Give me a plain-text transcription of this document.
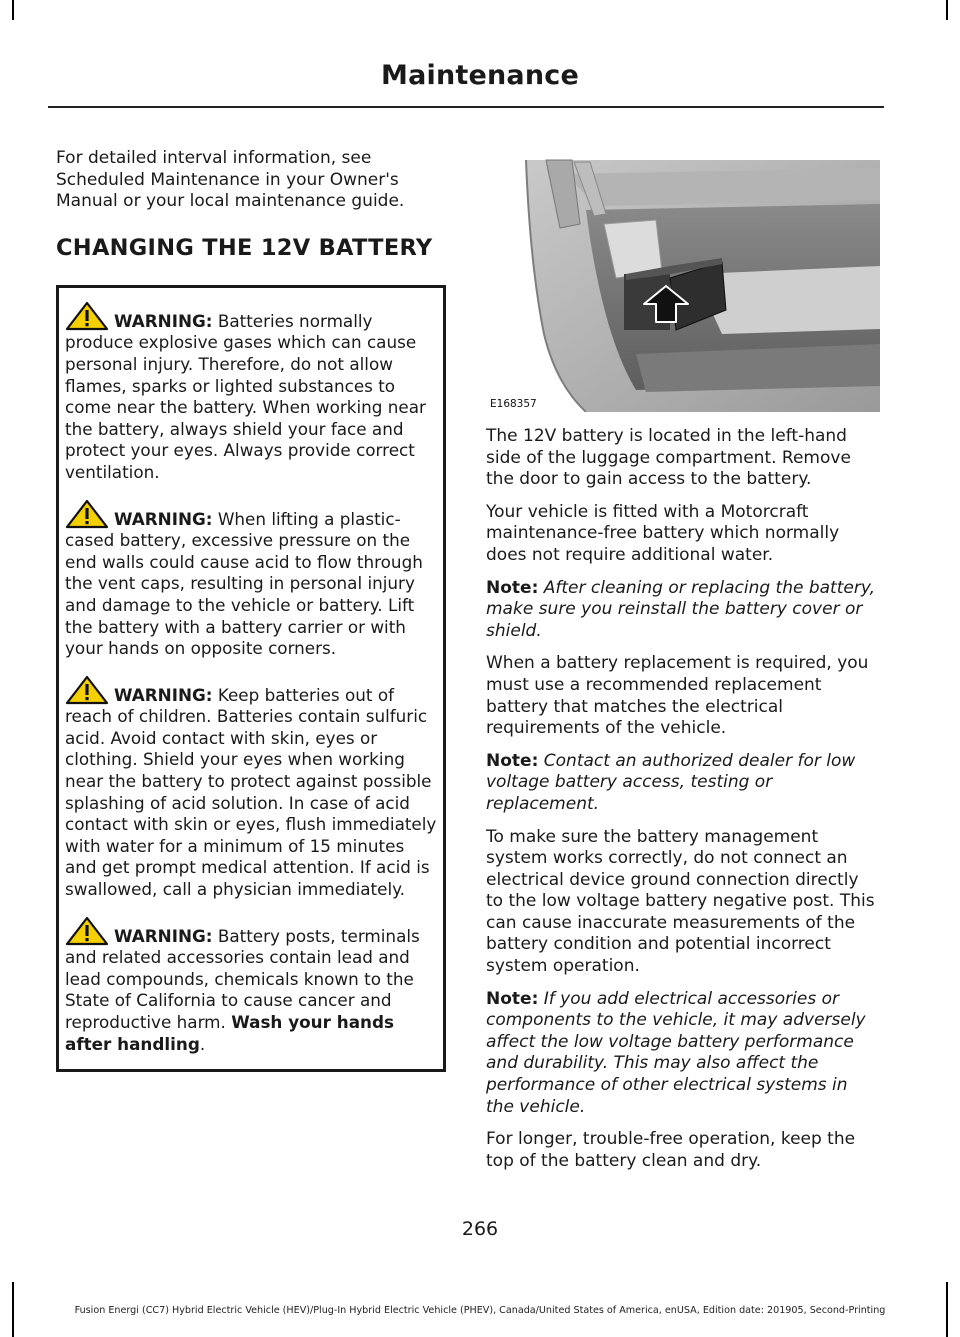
Maintenance

For detailed interval information, see Scheduled Maintenance in your Owner's Manual or your local maintenance guide.

CHANGING THE 12V BATTERY

WARNING: Batteries normally produce explosive gases which can cause personal injury. Therefore, do not allow flames, sparks or lighted substances to come near the battery. When working near the battery, always shield your face and protect your eyes. Always provide correct ventilation.

WARNING: When lifting a plastic-cased battery, excessive pressure on the end walls could cause acid to flow through the vent caps, resulting in personal injury and damage to the vehicle or battery. Lift the battery with a battery carrier or with your hands on opposite corners.

WARNING: Keep batteries out of reach of children. Batteries contain sulfuric acid. Avoid contact with skin, eyes or clothing. Shield your eyes when working near the battery to protect against possible splashing of acid solution. In case of acid contact with skin or eyes, flush immediately with water for a minimum of 15 minutes and get prompt medical attention. If acid is swallowed, call a physician immediately.

WARNING: Battery posts, terminals and related accessories contain lead and lead compounds, chemicals known to the State of California to cause cancer and reproductive harm. Wash your hands after handling.

E168357

The 12V battery is located in the left-hand side of the luggage compartment. Remove the door to gain access to the battery.

Your vehicle is fitted with a Motorcraft maintenance-free battery which normally does not require additional water.

Note: After cleaning or replacing the battery, make sure you reinstall the battery cover or shield.

When a battery replacement is required, you must use a recommended replacement battery that matches the electrical requirements of the vehicle.

Note: Contact an authorized dealer for low voltage battery access, testing or replacement.

To make sure the battery management system works correctly, do not connect an electrical device ground connection directly to the low voltage battery negative post. This can cause inaccurate measurements of the battery condition and potential incorrect system operation.

Note: If you add electrical accessories or components to the vehicle, it may adversely affect the low voltage battery performance and durability. This may also affect the performance of other electrical systems in the vehicle.

For longer, trouble-free operation, keep the top of the battery clean and dry.

266
Fusion Energi (CC7) Hybrid Electric Vehicle (HEV)/Plug-In Hybrid Electric Vehicle (PHEV), Canada/United States of America, enUSA, Edition date: 201905, Second-Printing
